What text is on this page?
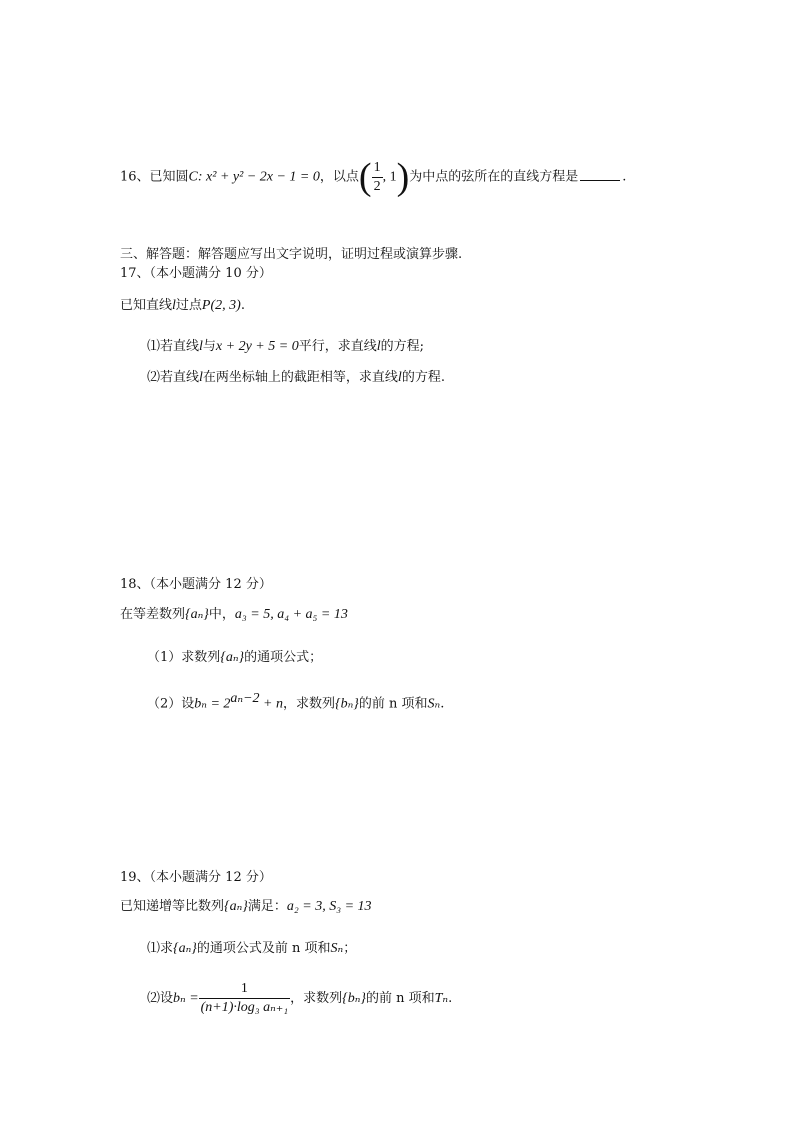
16、已知圆C: x² + y² − 2x − 1 = 0，以点( $\frac{1}{2}$ , 1)为中点的弦所在的直线方程是	.
三、解答题：解答题应写出文字说明，证明过程或演算步骤.
17、（本小题满分 10 分）
已知直线l过点P(2, 3).
⑴若直线l与x + 2y + 5 = 0平行，求直线l的方程;
⑵若直线l在两坐标轴上的截距相等，求直线l的方程.
18、（本小题满分 12 分）
在等差数列{aₙ}中，a₃ = 5, a₄ + a₅ = 13
（1）求数列{aₙ}的通项公式；
（2）设$b_n = 2^{a_n-2} + n$，求数列{bₙ}的前 n 项和Sₙ.
19、（本小题满分 12 分）
已知递增等比数列{aₙ}满足：a₂ = 3, S₃ = 13
⑴求{aₙ}的通项公式及前 n 项和Sₙ；
⑵设$b_n = \frac{1}{\text{(n+1)·log₃ aₙ₊₁}}$ ，求数列{bₙ}的前 n 项和Tₙ.
